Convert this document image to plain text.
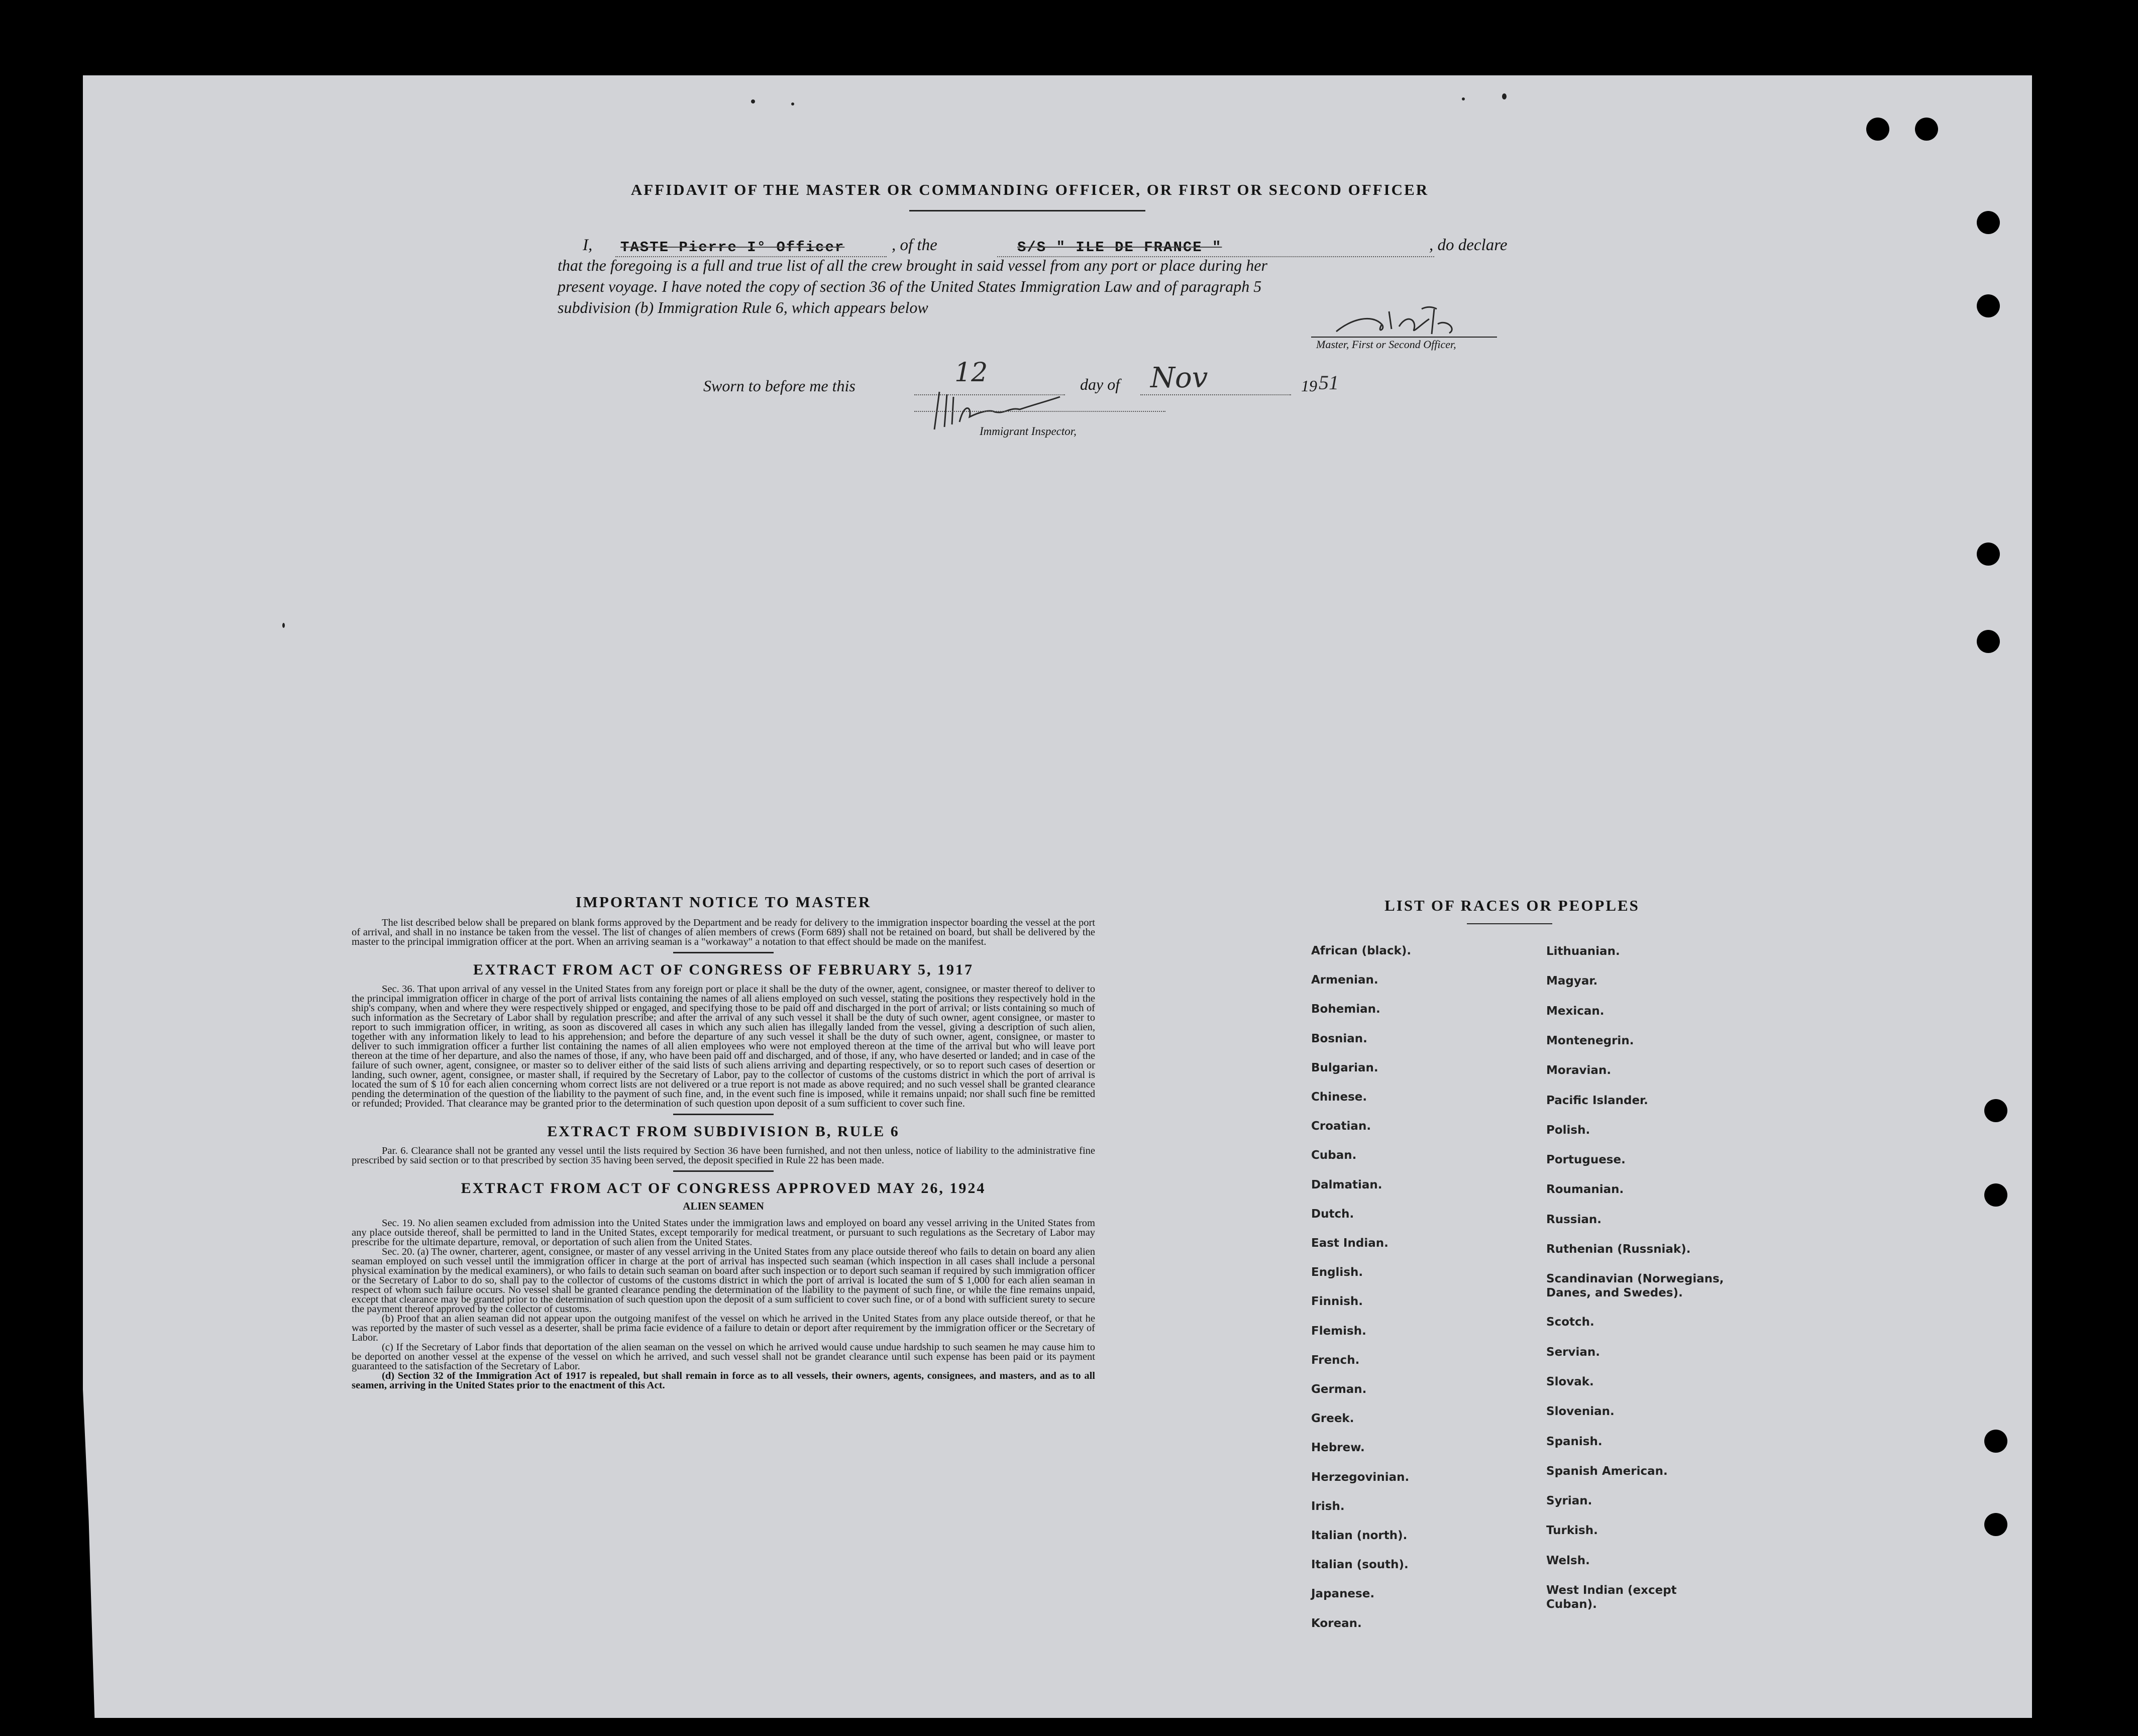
AFFIDAVIT OF THE MASTER OR COMMANDING OFFICER, OR FIRST OR SECOND OFFICER
I, TASTE Pierre I° Officer	, of the	S/S " ILE DE FRANCE "	, do declare
that the foregoing is a full and true list of all the crew brought in said vessel from any port or place during her
present voyage. I have noted the copy of section 36 of the United States Immigration Law and of paragraph 5
subdivision (b) Immigration Rule 6, which appears below
Master, First or Second Officer,
Sworn to before me this	12	day of Nov	19 51
Immigrant Inspector,
IMPORTANT NOTICE TO MASTER

The list described below shall be prepared on blank forms approved by the Department and be ready for delivery to the immigration inspector boarding the vessel at the port of arrival, and shall in no instance be taken from the vessel. The list of changes of alien members of crews (Form 689) shall not be retained on board, but shall be delivered by the master to the principal immigration officer at the port. When an arriving seaman is a "workaway" a notation to that effect should be made on the manifest.

EXTRACT FROM ACT OF CONGRESS OF FEBRUARY 5, 1917

Sec. 36. That upon arrival of any vessel in the United States from any foreign port or place it shall be the duty of the owner, agent, consignee, or master thereof to deliver to the principal immigration officer in charge of the port of arrival lists containing the names of all aliens employed on such vessel, stating the positions they respectively hold in the ship's company, when and where they were respectively shipped or engaged, and specifying those to be paid off and discharged in the port of arrival; or lists containing so much of such information as the Secretary of Labor shall by regulation prescribe; and after the arrival of any such vessel it shall be the duty of such owner, agent consignee, or master to report to such immigration officer, in writing, as soon as discovered all cases in which any such alien has illegally landed from the vessel, giving a description of such alien, together with any information likely to lead to his apprehension; and before the departure of any such vessel it shall be the duty of such owner, agent, consignee, or master to deliver to such immigration officer a further list containing the names of all alien employees who were not employed thereon at the time of the arrival but who will leave port thereon at the time of her departure, and also the names of those, if any, who have been paid off and discharged, and of those, if any, who have deserted or landed; and in case of the failure of such owner, agent, consignee, or master so to deliver either of the said lists of such aliens arriving and departing respectively, or so to report such cases of desertion or landing, such owner, agent, consignee, or master shall, if required by the Secretary of Labor, pay to the collector of customs of the customs district in which the port of arrival is located the sum of $ 10 for each alien concerning whom correct lists are not delivered or a true report is not made as above required; and no such vessel shall be granted clearance pending the determination of the question of the liability to the payment of such fine, and, in the event such fine is imposed, while it remains unpaid; nor shall such fine be remitted or refunded; Provided. That clearance may be granted prior to the determination of such question upon deposit of a sum sufficient to cover such fine.

EXTRACT FROM SUBDIVISION B, RULE 6

Par. 6. Clearance shall not be granted any vessel until the lists required by Section 36 have been furnished, and not then unless, notice of liability to the administrative fine prescribed by said section or to that prescribed by section 35 having been served, the deposit specified in Rule 22 has been made.

EXTRACT FROM ACT OF CONGRESS APPROVED MAY 26, 1924
ALIEN SEAMEN

Sec. 19. No alien seamen excluded from admission into the United States under the immigration laws and employed on board any vessel arriving in the United States from any place outside thereof, shall be permitted to land in the United States, except temporarily for medical treatment, or pursuant to such regulations as the Secretary of Labor may prescribe for the ultimate departure, removal, or deportation of such alien from the United States.

Sec. 20. (a) The owner, charterer, agent, consignee, or master of any vessel arriving in the United States from any place outside thereof who fails to detain on board any alien seaman employed on such vessel until the immigration officer in charge at the port of arrival has inspected such seaman (which inspection in all cases shall include a personal physical examination by the medical examiners), or who fails to detain such seaman on board after such inspection or to deport such seaman if required by such immigration officer or the Secretary of Labor to do so, shall pay to the collector of customs of the customs district in which the port of arrival is located the sum of $ 1,000 for each alien seaman in respect of whom such failure occurs. No vessel shall be granted clearance pending the determination of the liability to the payment of such fine, or while the fine remains unpaid, except that clearance may be granted prior to the determination of such question upon the deposit of a sum sufficient to cover such fine, or of a bond with sufficient surety to secure the payment thereof approved by the collector of customs.

(b) Proof that an alien seaman did not appear upon the outgoing manifest of the vessel on which he arrived in the United States from any place outside thereof, or that he was reported by the master of such vessel as a deserter, shall be prima facie evidence of a failure to detain or deport after requirement by the immigration officer or the Secretary of Labor.

(c) If the Secretary of Labor finds that deportation of the alien seaman on the vessel on which he arrived would cause undue hardship to such seamen he may cause him to be deported on another vessel at the expense of the vessel on which he arrived, and such vessel shall not be grandet clearance until such expense has been paid or its payment guaranteed to the satisfaction of the Secretary of Labor.

(d) Section 32 of the Immigration Act of 1917 is repealed, but shall remain in force as to all vessels, their owners, agents, consignees, and masters, and as to all seamen, arriving in the United States prior to the enactment of this Act.

LIST OF RACES OR PEOPLES
African (black).
Armenian.
Bohemian.
Bosnian.
Bulgarian.
Chinese.
Croatian.
Cuban.
Dalmatian.
Dutch.
East Indian.
English.
Finnish.
Flemish.
French.
German.
Greek.
Hebrew.
Herzegovinian.
Irish.
Italian (north).
Italian (south).
Japanese.
Korean.
Lithuanian.
Magyar.
Mexican.
Montenegrin.
Moravian.
Pacific Islander.
Polish.
Portuguese.
Roumanian.
Russian.
Ruthenian (Russniak).
Scandinavian (Norwegians, Danes, and Swedes).
Scotch.
Servian.
Slovak.
Slovenian.
Spanish.
Spanish American.
Syrian.
Turkish.
Welsh.
West Indian (except Cuban).
